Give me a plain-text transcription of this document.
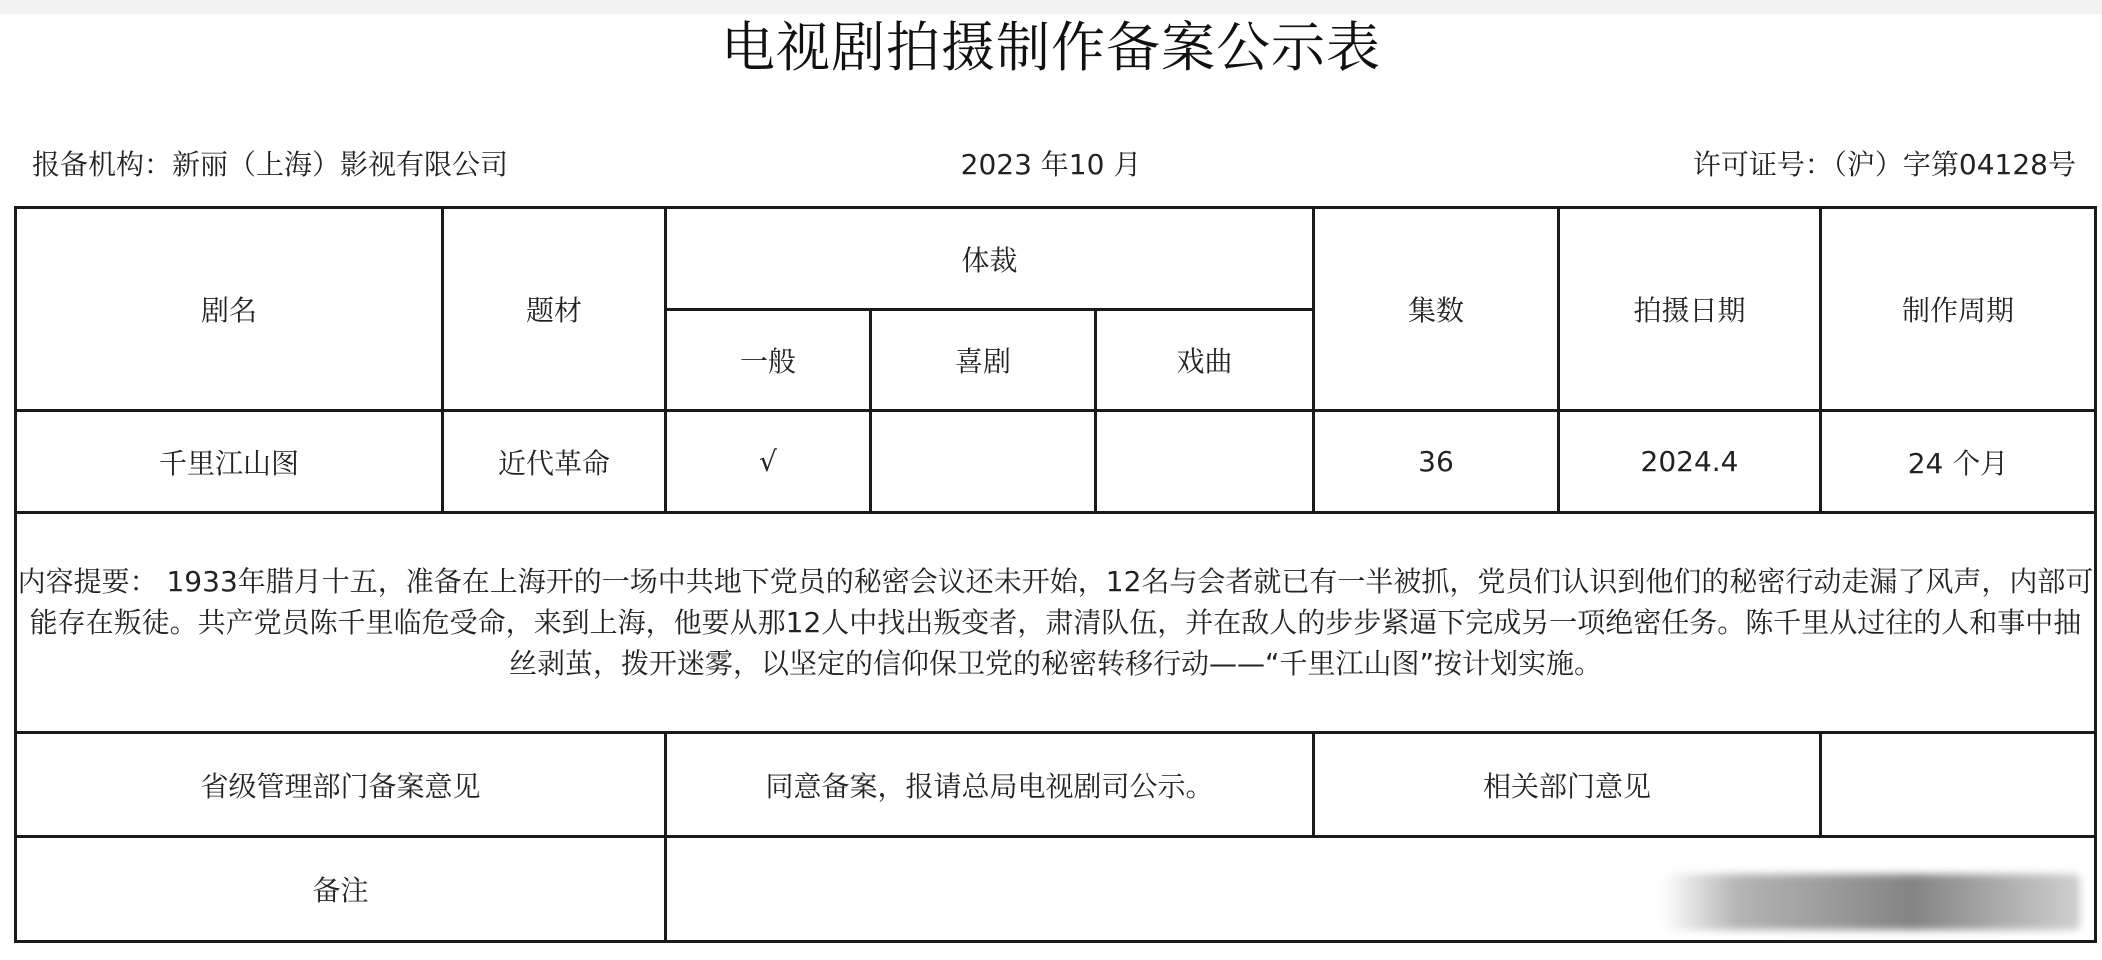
电视剧拍摄制作备案公示表
报备机构：新丽（上海）影视有限公司	2023 年10 月	许可证号：（沪）字第04128号
剧名	题材	体裁			集数	拍摄日期	制作周期
		一般	喜剧	戏曲			
千里江山图	近代革命	√			36	2024.4	24 个月
内容提要： 1933年腊月十五，准备在上海开的一场中共地下党员的秘密会议还未开始，12名与会者就已有一半被抓，党员们认识到他们的秘密行动走漏了风声，内部可能存在叛徒。共产党员陈千里临危受命，来到上海，他要从那12人中找出叛变者，肃清队伍，并在敌人的步步紧逼下完成另一项绝密任务。陈千里从过往的人和事中抽丝剥茧，拨开迷雾，以坚定的信仰保卫党的秘密转移行动——“千里江山图”按计划实施。							
省级管理部门备案意见		同意备案，报请总局电视剧司公示。			相关部门意见		
备注							
